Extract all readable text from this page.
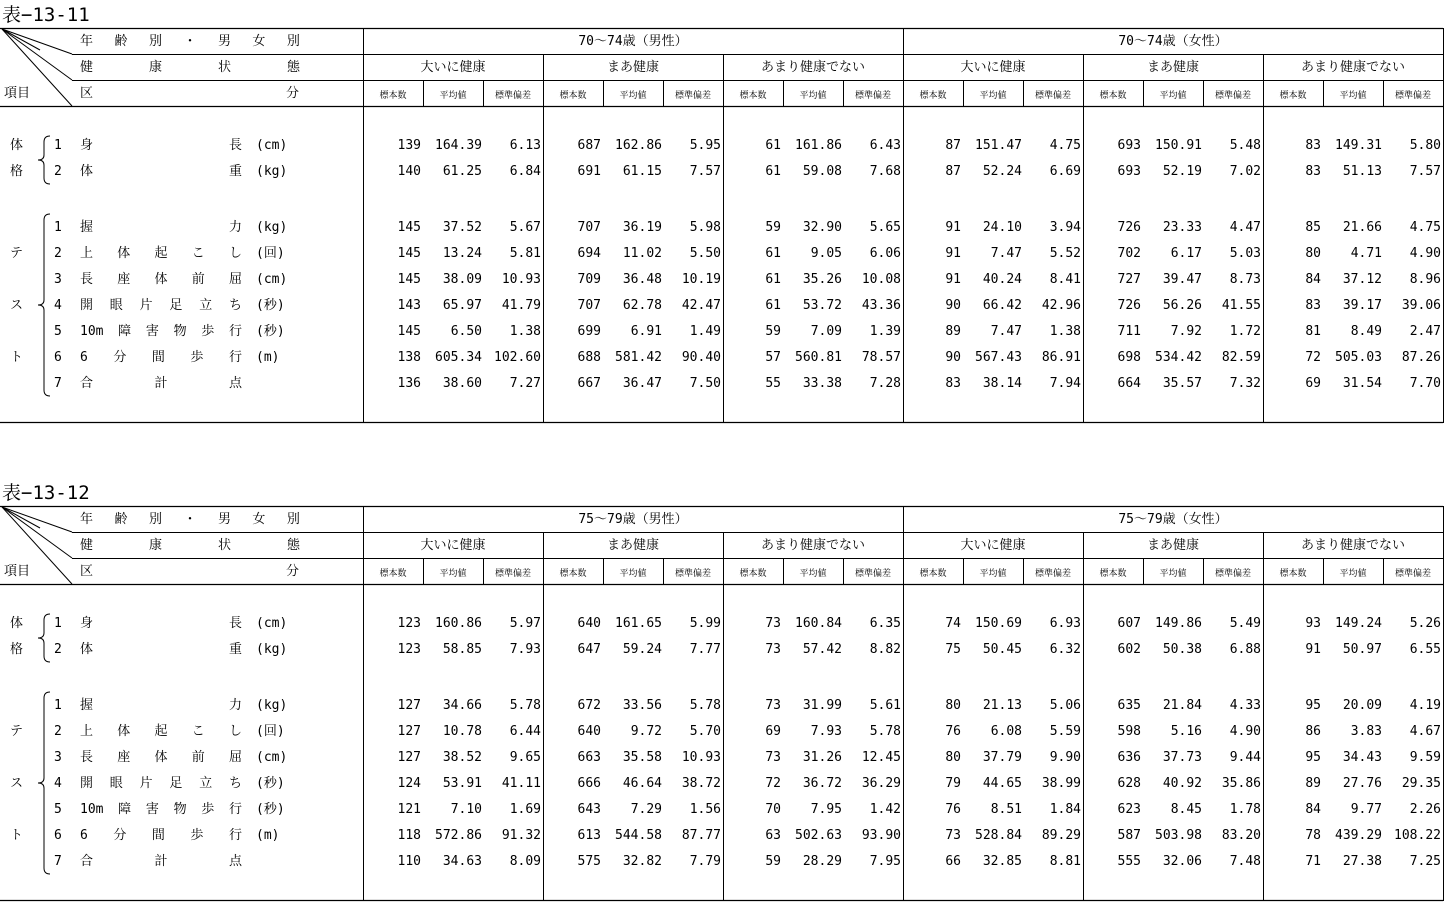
表−13-11
年 齢 別 ・ 男 女 別
健	康	状	態
項目	区	分
70〜74歳（男性）	70〜74歳（女性）
大いに健康	まあ健康	あまり健康でない	大いに健康	まあ健康	あまり健康でない
標本数	平均値	標準偏差	標本数	平均値	標準偏差	標本数	平均値	標準偏差	標本数	平均値	標準偏差	標本数	平均値	標準偏差	標本数	平均値	標準偏差
体
格
テ
ス
ト
1 身	長 (cm)	139	164.39	6.13	687	162.86	5.95	61	161.86	6.43	87	151.47	4.75	693	150.91	5.48	83	149.31	5.80
2 体	重 (kg)	140	61.25	6.84	691	61.15	7.57	61	59.08	7.68	87	52.24	6.69	693	52.19	7.02	83	51.13	7.57
1 握	力 (kg)	145	37.52	5.67	707	36.19	5.98	59	32.90	5.65	91	24.10	3.94	726	23.33	4.47	85	21.66	4.75
2 上 体 起 こ し (回)	145	13.24	5.81	694	11.02	5.50	61	9.05	6.06	91	7.47	5.52	702	6.17	5.03	80	4.71	4.90
3 長 座 体 前 屈 (cm)	145	38.09	10.93	709	36.48	10.19	61	35.26	10.08	91	40.24	8.41	727	39.47	8.73	84	37.12	8.96
4 開 眼 片 足 立 ち (秒)	143	65.97	41.79	707	62.78	42.47	61	53.72	43.36	90	66.42	42.96	726	56.26	41.55	83	39.17	39.06
5 10m 障 害 物 歩 行 (秒)	145	6.50	1.38	699	6.91	1.49	59	7.09	1.39	89	7.47	1.38	711	7.92	1.72	81	8.49	2.47
6 6 分 間 歩 行 (m)	138	605.34 102.60	688	581.42	90.40	57	560.81	78.57	90	567.43	86.91	698	534.42	82.59	72	505.03	87.26
7 合	計	点	136	38.60	7.27	667	36.47	7.50	55	33.38	7.28	83	38.14	7.94	664	35.57	7.32	69	31.54	7.70
表−13-12
年 齢 別 ・ 男 女 別
健	康	状	態
項目	区	分
75〜79歳（男性）	75〜79歳（女性）
大いに健康	まあ健康	あまり健康でない	大いに健康	まあ健康	あまり健康でない
標本数	平均値	標準偏差	標本数	平均値	標準偏差	標本数	平均値	標準偏差	標本数	平均値	標準偏差	標本数	平均値	標準偏差	標本数	平均値	標準偏差
体
格
テ
ス
ト
1 身	長 (cm)	123	160.86	5.97	640	161.65	5.99	73	160.84	6.35	74	150.69	6.93	607	149.86	5.49	93	149.24	5.26
2 体	重 (kg)	123	58.85	7.93	647	59.24	7.77	73	57.42	8.82	75	50.45	6.32	602	50.38	6.88	91	50.97	6.55
1 握	力 (kg)	127	34.66	5.78	672	33.56	5.78	73	31.99	5.61	80	21.13	5.06	635	21.84	4.33	95	20.09	4.19
2 上 体 起 こ し (回)	127	10.78	6.44	640	9.72	5.70	69	7.93	5.78	76	6.08	5.59	598	5.16	4.90	86	3.83	4.67
3 長 座 体 前 屈 (cm)	127	38.52	9.65	663	35.58	10.93	73	31.26	12.45	80	37.79	9.90	636	37.73	9.44	95	34.43	9.59
4 開 眼 片 足 立 ち (秒)	124	53.91	41.11	666	46.64	38.72	72	36.72	36.29	79	44.65	38.99	628	40.92	35.86	89	27.76	29.35
5 10m 障 害 物 歩 行 (秒)	121	7.10	1.69	643	7.29	1.56	70	7.95	1.42	76	8.51	1.84	623	8.45	1.78	84	9.77	2.26
6 6 分 間 歩 行 (m)	118	572.86	91.32	613	544.58	87.77	63	502.63	93.90	73	528.84	89.29	587	503.98	83.20	78	439.29 108.22
7 合	計	点	110	34.63	8.09	575	32.82	7.79	59	28.29	7.95	66	32.85	8.81	555	32.06	7.48	71	27.38	7.25
